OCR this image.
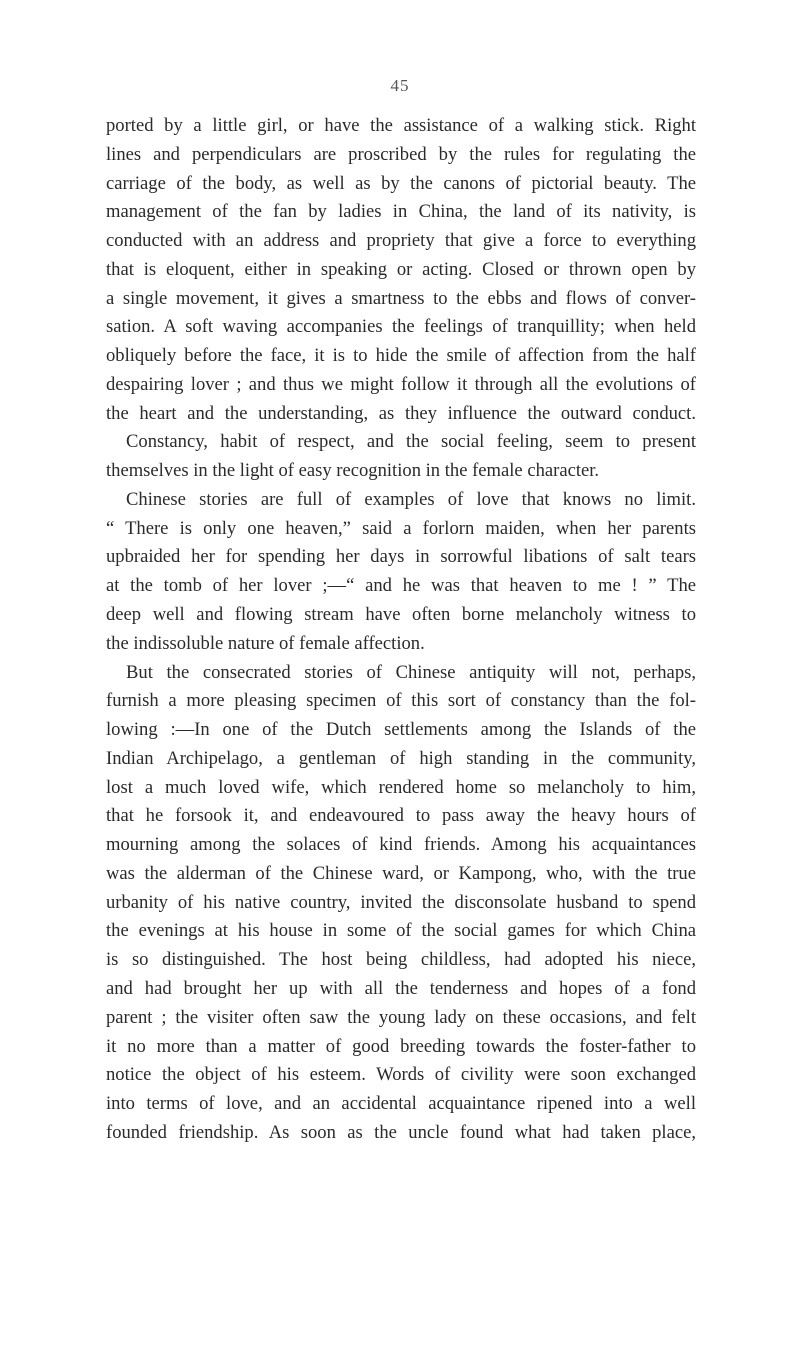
45
ported by a little girl, or have the assistance of a walking stick. Right
lines and perpendiculars are proscribed by the rules for regulating the
carriage of the body, as well as by the canons of pictorial beauty. The
management of the fan by ladies in China, the land of its nativity, is
conducted with an address and propriety that give a force to everything
that is eloquent, either in speaking or acting. Closed or thrown open by
a single movement, it gives a smartness to the ebbs and flows of conver-
sation. A soft waving accompanies the feelings of tranquillity; when held
obliquely before the face, it is to hide the smile of affection from the half
despairing lover ; and thus we might follow it through all the evolutions of
the heart and the understanding, as they influence the outward conduct.
Constancy, habit of respect, and the social feeling, seem to present
themselves in the light of easy recognition in the female character.
Chinese stories are full of examples of love that knows no limit.
“ There is only one heaven,” said a forlorn maiden, when her parents
upbraided her for spending her days in sorrowful libations of salt tears
at the tomb of her lover ;—“ and he was that heaven to me ! ” The
deep well and flowing stream have often borne melancholy witness to
the indissoluble nature of female affection.
But the consecrated stories of Chinese antiquity will not, perhaps,
furnish a more pleasing specimen of this sort of constancy than the fol-
lowing :—In one of the Dutch settlements among the Islands of the
Indian Archipelago, a gentleman of high standing in the community,
lost a much loved wife, which rendered home so melancholy to him,
that he forsook it, and endeavoured to pass away the heavy hours of
mourning among the solaces of kind friends. Among his acquaintances
was the alderman of the Chinese ward, or Kampong, who, with the true
urbanity of his native country, invited the disconsolate husband to spend
the evenings at his house in some of the social games for which China
is so distinguished. The host being childless, had adopted his niece,
and had brought her up with all the tenderness and hopes of a fond
parent ; the visiter often saw the young lady on these occasions, and felt
it no more than a matter of good breeding towards the foster-father to
notice the object of his esteem. Words of civility were soon exchanged
into terms of love, and an accidental acquaintance ripened into a well
founded friendship. As soon as the uncle found what had taken place,
